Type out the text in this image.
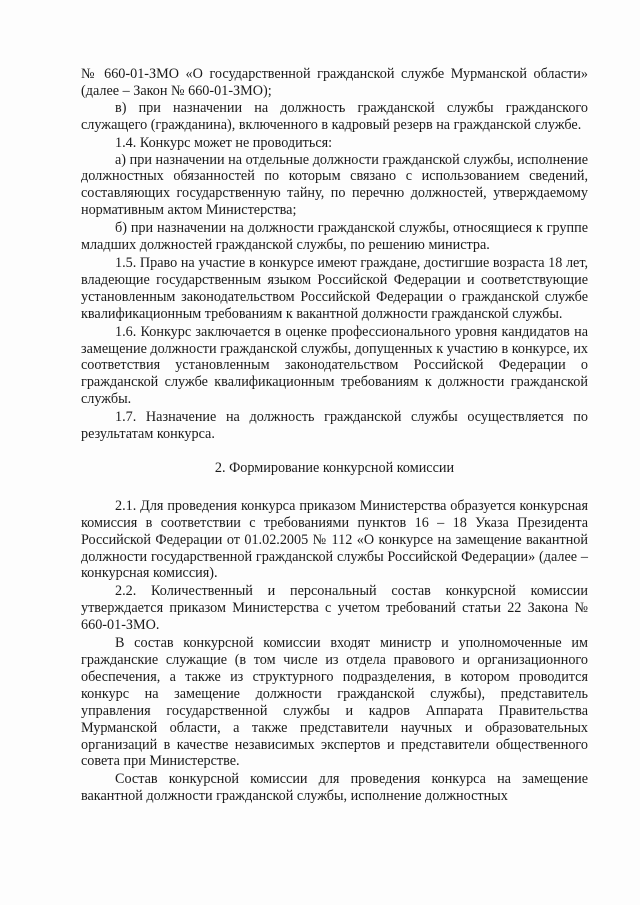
№ 660-01-ЗМО «О государственной гражданской службе Мурманской области» (далее – Закон № 660-01-ЗМО);

в) при назначении на должность гражданской службы гражданского служащего (гражданина), включенного в кадровый резерв на гражданской службе.

1.4. Конкурс может не проводиться:

а) при назначении на отдельные должности гражданской службы, исполнение должностных обязанностей по которым связано с использованием сведений, составляющих государственную тайну, по перечню должностей, утверждаемому нормативным актом Министерства;

б) при назначении на должности гражданской службы, относящиеся к группе младших должностей гражданской службы, по решению министра.

1.5. Право на участие в конкурсе имеют граждане, достигшие возраста 18 лет, владеющие государственным языком Российской Федерации и соответствующие установленным законодательством Российской Федерации о гражданской службе квалификационным требованиям к вакантной должности гражданской службы.

1.6. Конкурс заключается в оценке профессионального уровня кандидатов на замещение должности гражданской службы, допущенных к участию в конкурсе, их соответствия установленным законодательством Российской Федерации о гражданской службе квалификационным требованиям к должности гражданской службы.

1.7. Назначение на должность гражданской службы осуществляется по результатам конкурса.

2. Формирование конкурсной комиссии

2.1. Для проведения конкурса приказом Министерства образуется конкурсная комиссия в соответствии с требованиями пунктов 16 – 18 Указа Президента Российской Федерации от 01.02.2005 № 112 «О конкурсе на замещение вакантной должности государственной гражданской службы Российской Федерации» (далее – конкурсная комиссия).

2.2. Количественный и персональный состав конкурсной комиссии утверждается приказом Министерства с учетом требований статьи 22 Закона № 660-01-ЗМО.

В состав конкурсной комиссии входят министр и уполномоченные им гражданские служащие (в том числе из отдела правового и организационного обеспечения, а также из структурного подразделения, в котором проводится конкурс на замещение должности гражданской службы), представитель управления государственной службы и кадров Аппарата Правительства Мурманской области, а также представители научных и образовательных организаций в качестве независимых экспертов и представители общественного совета при Министерстве.

Состав конкурсной комиссии для проведения конкурса на замещение вакантной должности гражданской службы, исполнение должностных
